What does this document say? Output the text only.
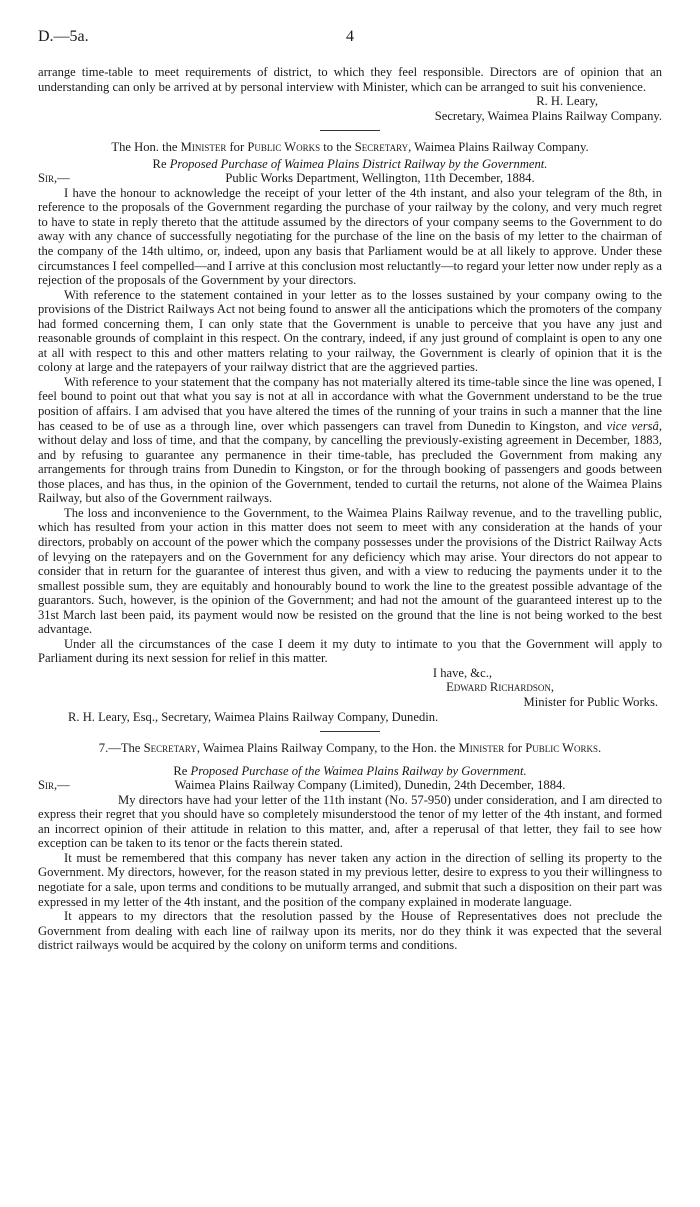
D.—5a.	4

arrange time-table to meet requirements of district, to which they feel responsible. Directors are of opinion that an understanding can only be arrived at by personal interview with Minister, which can be arranged to suit his convenience.

R. H. Leary,

Secretary, Waimea Plains Railway Company.

The Hon. the Minister for Public Works to the Secretary, Waimea Plains Railway Company.

Re Proposed Purchase of Waimea Plains District Railway by the Government.

Sir,—	Public Works Department, Wellington, 11th December, 1884.

I have the honour to acknowledge the receipt of your letter of the 4th instant, and also your telegram of the 8th, in reference to the proposals of the Government regarding the purchase of your railway by the colony, and very much regret to have to state in reply thereto that the attitude assumed by the directors of your company seems to the Government to do away with any chance of successfully negotiating for the purchase of the line on the basis of my letter to the chairman of the company of the 14th ultimo, or, indeed, upon any basis that Parliament would be at all likely to approve. Under these circumstances I feel compelled—and I arrive at this conclusion most reluctantly—to regard your letter now under reply as a rejection of the proposals of the Government by your directors.

With reference to the statement contained in your letter as to the losses sustained by your company owing to the provisions of the District Railways Act not being found to answer all the anticipations which the promoters of the company had formed concerning them, I can only state that the Government is unable to perceive that you have any just and reasonable grounds of complaint in this respect. On the contrary, indeed, if any just ground of complaint is open to any one at all with respect to this and other matters relating to your railway, the Government is clearly of opinion that it is the colony at large and the ratepayers of your railway district that are the aggrieved parties.

With reference to your statement that the company has not materially altered its time-table since the line was opened, I feel bound to point out that what you say is not at all in accordance with what the Government understand to be the true position of affairs. I am advised that you have altered the times of the running of your trains in such a manner that the line has ceased to be of use as a through line, over which passengers can travel from Dunedin to Kingston, and vice versâ, without delay and loss of time, and that the company, by cancelling the previously-existing agreement in December, 1883, and by refusing to guarantee any permanence in their time-table, has precluded the Government from making any arrangements for through trains from Dunedin to Kingston, or for the through booking of passengers and goods between those places, and has thus, in the opinion of the Government, tended to curtail the returns, not alone of the Waimea Plains Railway, but also of the Government railways.

The loss and inconvenience to the Government, to the Waimea Plains Railway revenue, and to the travelling public, which has resulted from your action in this matter does not seem to meet with any consideration at the hands of your directors, probably on account of the power which the company possesses under the provisions of the District Railway Acts of levying on the ratepayers and on the Government for any deficiency which may arise. Your directors do not appear to consider that in return for the guarantee of interest thus given, and with a view to reducing the payments under it to the smallest possible sum, they are equitably and honourably bound to work the line to the greatest possible advantage of the guarantors. Such, however, is the opinion of the Government; and had not the amount of the guaranteed interest up to the 31st March last been paid, its payment would now be resisted on the ground that the line is not being worked to the best advantage.

Under all the circumstances of the case I deem it my duty to intimate to you that the Government will apply to Parliament during its next session for relief in this matter.

I have, &c.,

Edward Richardson,

Minister for Public Works.

R. H. Leary, Esq., Secretary, Waimea Plains Railway Company, Dunedin.

7.—The Secretary, Waimea Plains Railway Company, to the Hon. the Minister for Public Works.

Re Proposed Purchase of the Waimea Plains Railway by Government.

Sir,—	Waimea Plains Railway Company (Limited), Dunedin, 24th December, 1884.

My directors have had your letter of the 11th instant (No. 57-950) under consideration, and I am directed to express their regret that you should have so completely misunderstood the tenor of my letter of the 4th instant, and formed an incorrect opinion of their attitude in relation to this matter, and, after a reperusal of that letter, they fail to see how exception can be taken to its tenor or the facts therein stated.

It must be remembered that this company has never taken any action in the direction of selling its property to the Government. My directors, however, for the reason stated in my previous letter, desire to express to you their willingness to negotiate for a sale, upon terms and conditions to be mutually arranged, and submit that such a disposition on their part was expressed in my letter of the 4th instant, and the position of the company explained in moderate language.

It appears to my directors that the resolution passed by the House of Representatives does not preclude the Government from dealing with each line of railway upon its merits, nor do they think it was expected that the several district railways would be acquired by the colony on uniform terms and conditions.
